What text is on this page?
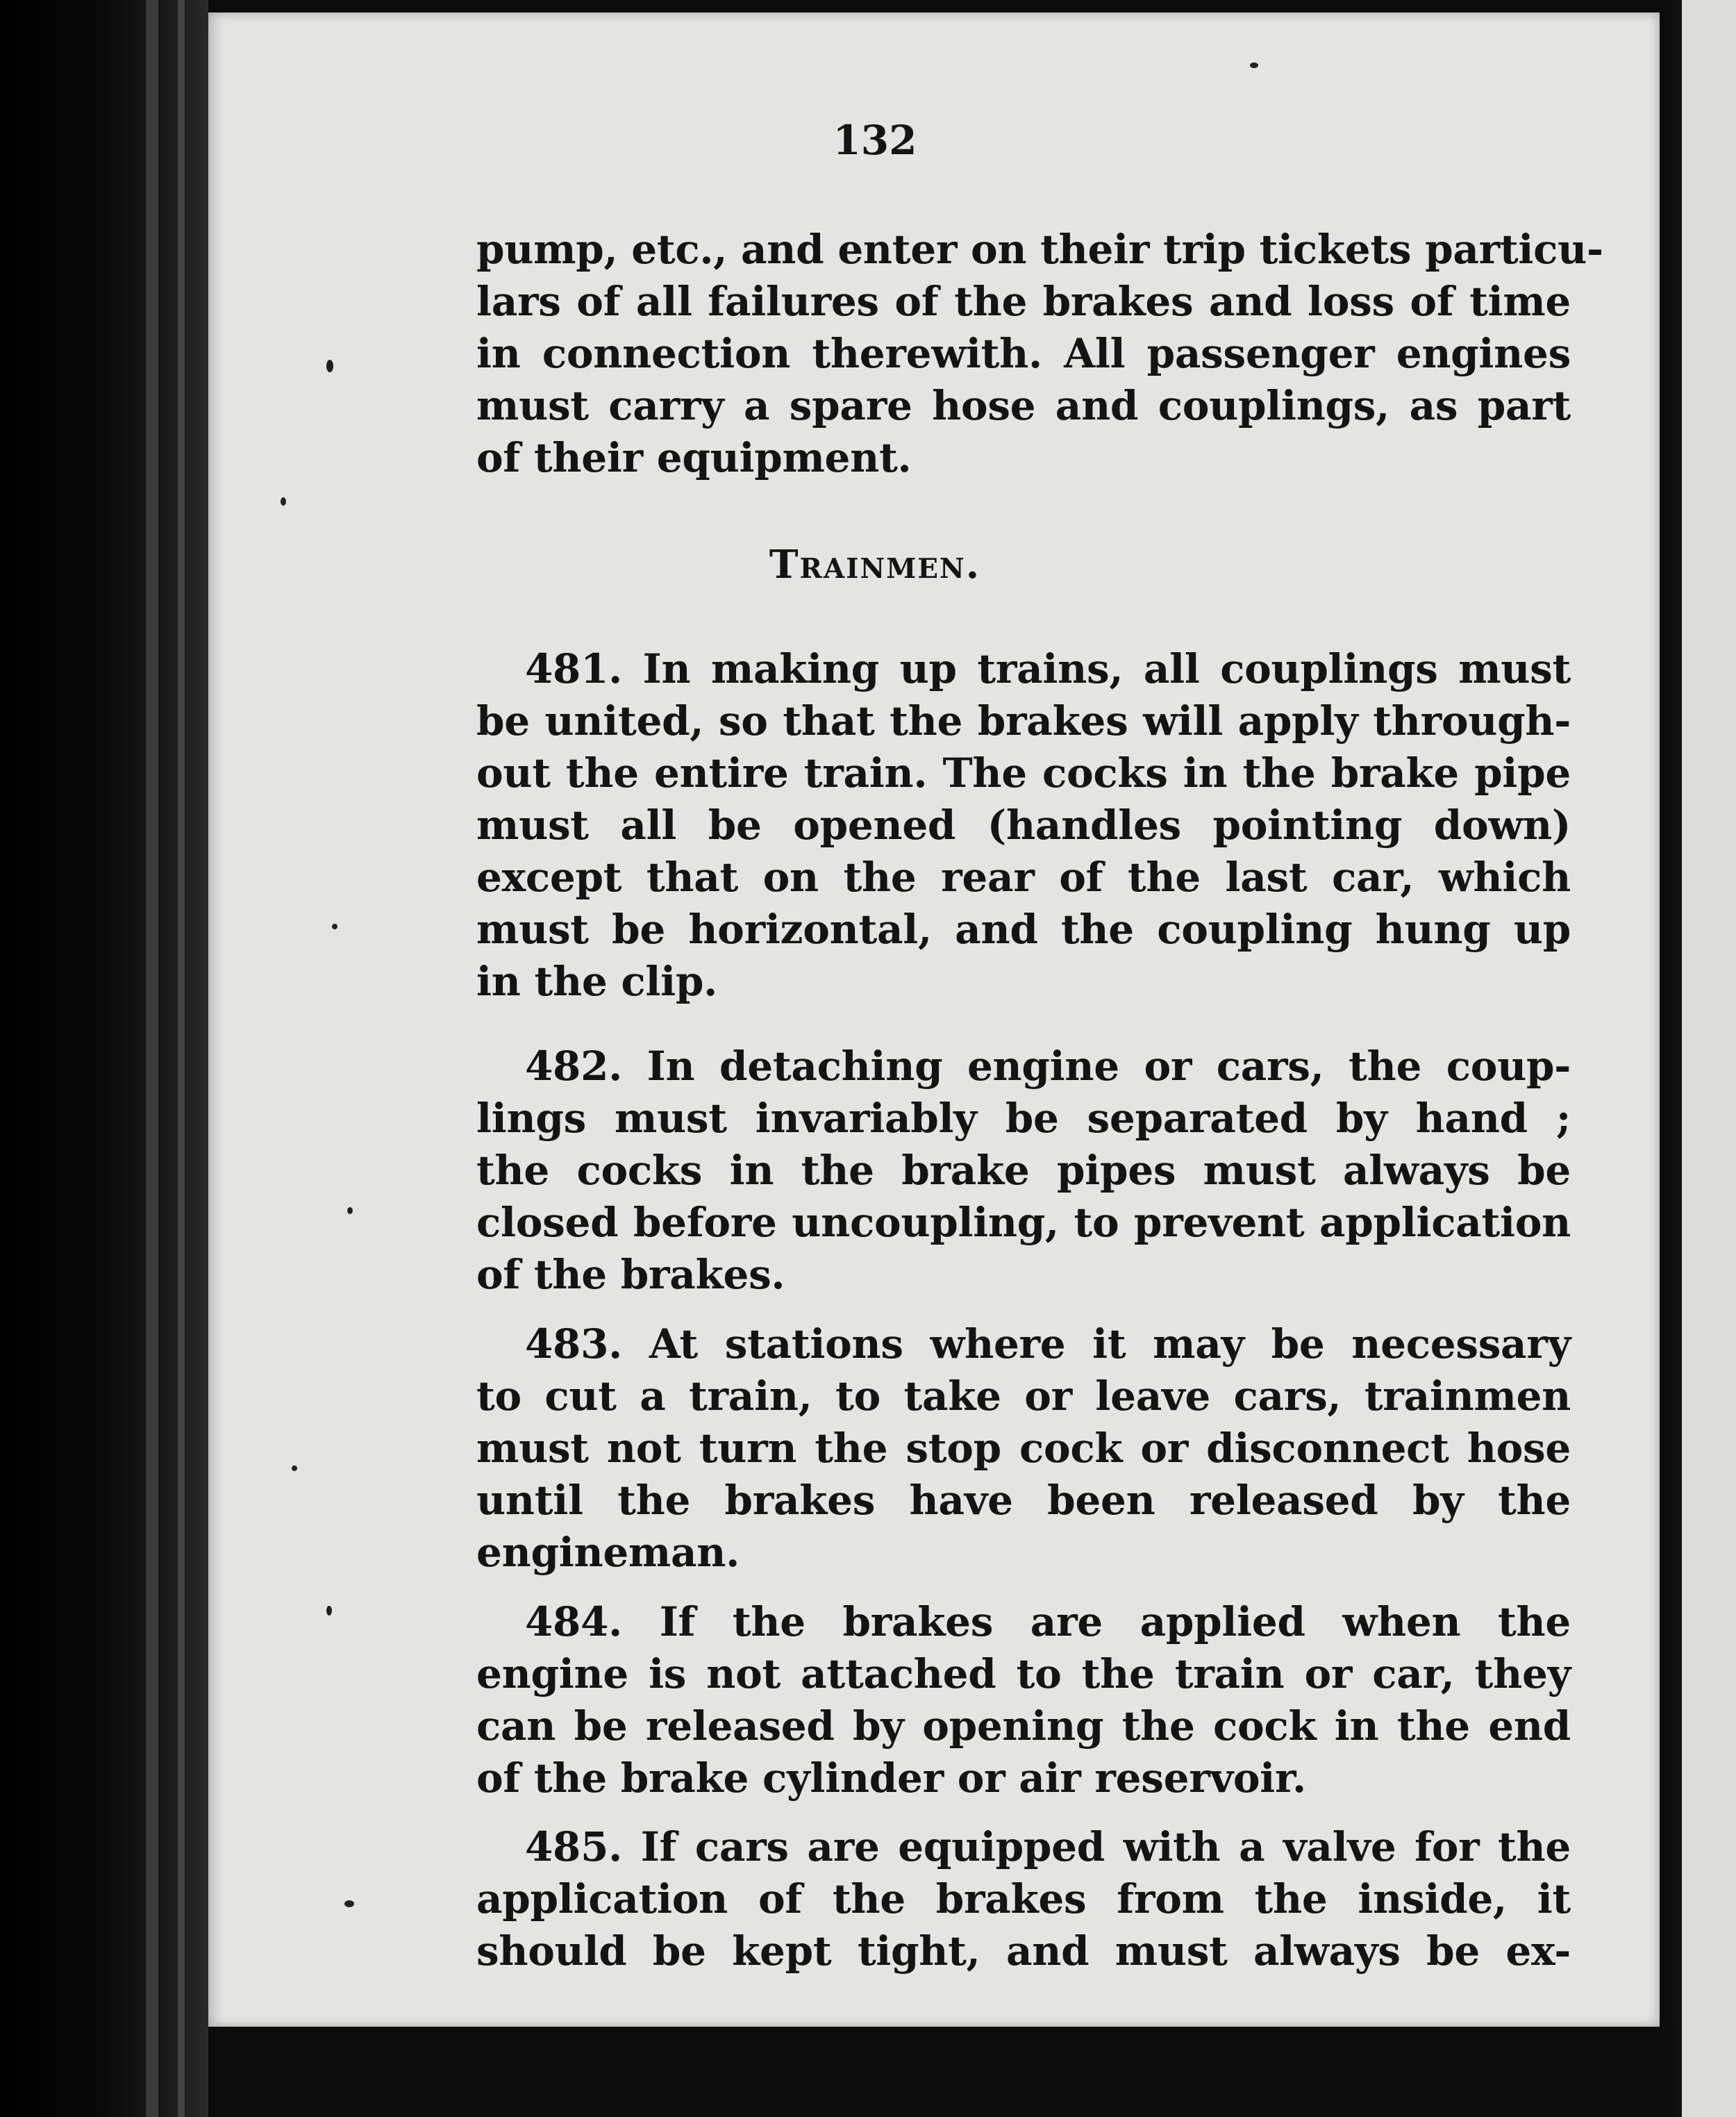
132
pump, etc., and enter on their trip tickets particu-
lars of all failures of the brakes and loss of time
in connection therewith. All passenger engines
must carry a spare hose and couplings, as part
of their equipment.
Trainmen.
481. In making up trains, all couplings must
be united, so that the brakes will apply through-
out the entire train. The cocks in the brake pipe
must all be opened (handles pointing down)
except that on the rear of the last car, which
must be horizontal, and the coupling hung up
in the clip.
482. In detaching engine or cars, the coup-
lings must invariably be separated by hand ;
the cocks in the brake pipes must always be
closed before uncoupling, to prevent application
of the brakes.
483. At stations where it may be necessary
to cut a train, to take or leave cars, trainmen
must not turn the stop cock or disconnect hose
until the brakes have been released by the
engineman.
484. If the brakes are applied when the
engine is not attached to the train or car, they
can be released by opening the cock in the end
of the brake cylinder or air reservoir.
485. If cars are equipped with a valve for the
application of the brakes from the inside, it
should be kept tight, and must always be ex-
